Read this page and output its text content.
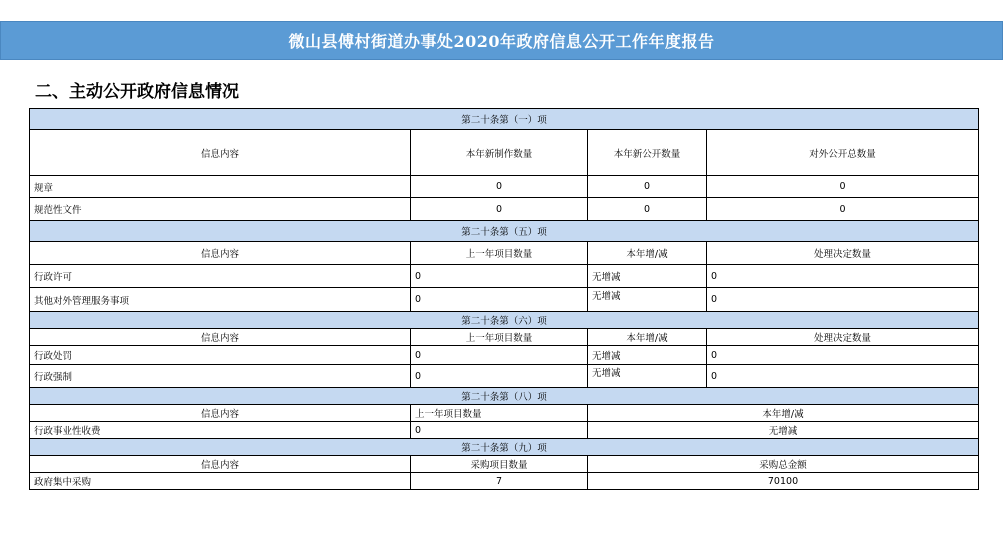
微山县傅村街道办事处2020年政府信息公开工作年度报告
二、主动公开政府信息情况
第二十条第（一）项			
信息内容	本年新制作数量	本年新公开数量	对外公开总数量
规章	0	0	0
规范性文件	0	0	0
第二十条第（五）项			
信息内容	上一年项目数量	本年增/减	处理决定数量
行政许可	0	无增减	0
其他对外管理服务事项	0	无增减	0
第二十条第（六）项			
信息内容	上一年项目数量	本年增/减	处理决定数量
行政处罚	0	无增减	0
行政强制	0	无增减	0
第二十条第（八）项			
信息内容	上一年项目数量	本年增/减	
行政事业性收费	0	无增减	
第二十条第（九）项			
信息内容	采购项目数量	采购总金额	
政府集中采购	7	70100	
